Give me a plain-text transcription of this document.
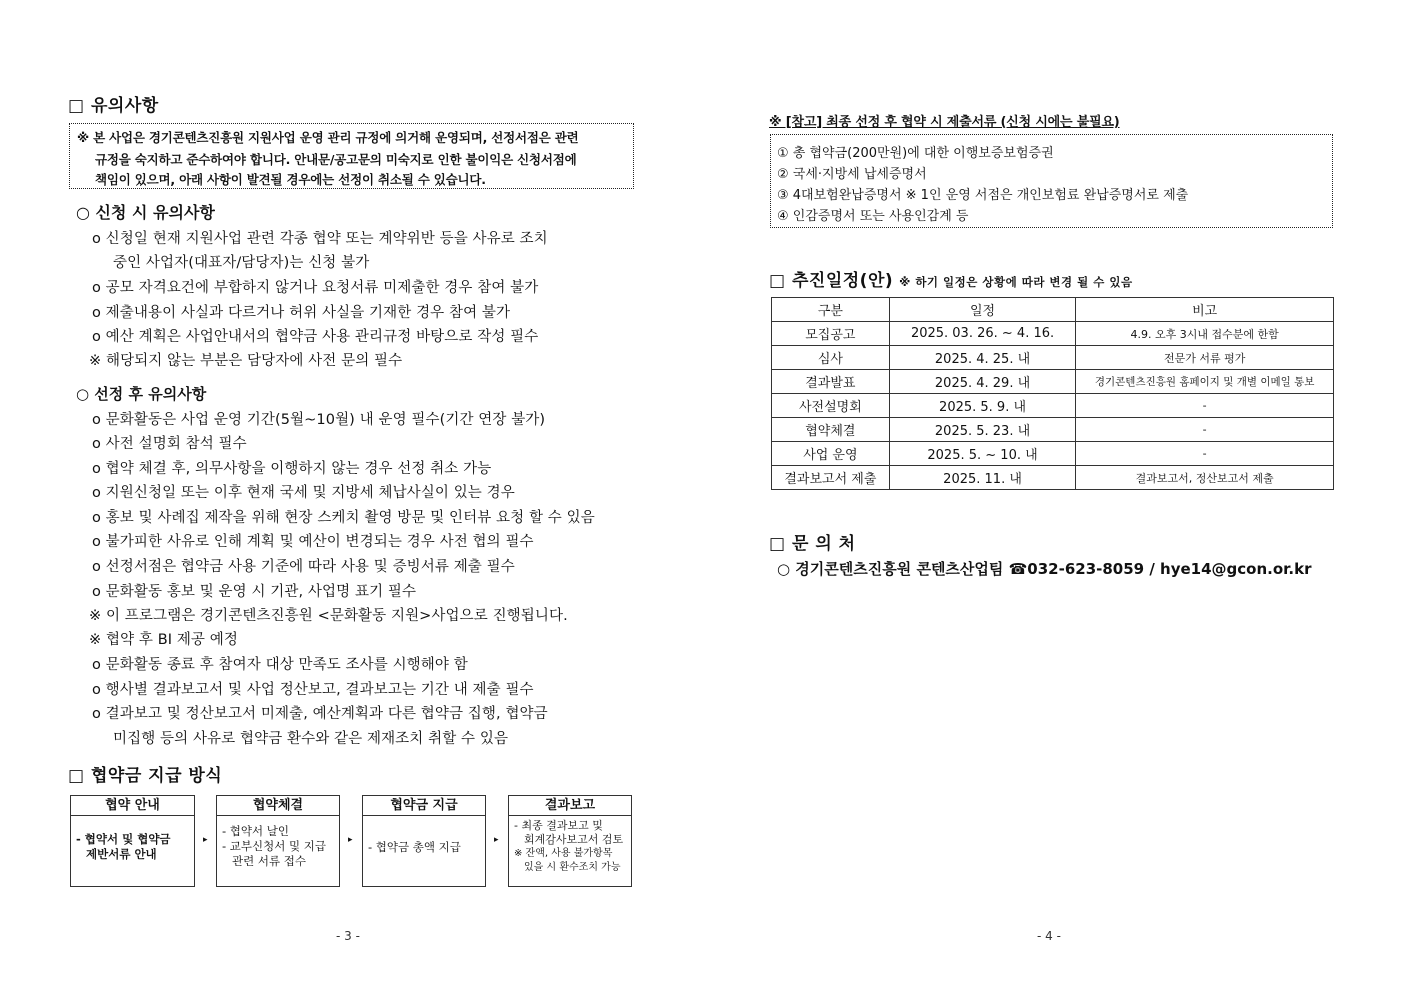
□ 유의사항
※ 본 사업은 경기콘텐츠진흥원 지원사업 운영 관리 규정에 의거해 운영되며, 선정서점은 관련
규정을 숙지하고 준수하여야 합니다. 안내문/공고문의 미숙지로 인한 불이익은 신청서점에
책임이 있으며, 아래 사항이 발견될 경우에는 선정이 취소될 수 있습니다.
○ 신청 시 유의사항
o 신청일 현재 지원사업 관련 각종 협약 또는 계약위반 등을 사유로 조치
중인 사업자(대표자/담당자)는 신청 불가
o 공모 자격요건에 부합하지 않거나 요청서류 미제출한 경우 참여 불가
o 제출내용이 사실과 다르거나 허위 사실을 기재한 경우 참여 불가
o 예산 계획은 사업안내서의 협약금 사용 관리규정 바탕으로 작성 필수
※ 해당되지 않는 부분은 담당자에 사전 문의 필수
○ 선정 후 유의사항
o 문화활동은 사업 운영 기간(5월~10월) 내 운영 필수(기간 연장 불가)
o 사전 설명회 참석 필수
o 협약 체결 후, 의무사항을 이행하지 않는 경우 선정 취소 가능
o 지원신청일 또는 이후 현재 국세 및 지방세 체납사실이 있는 경우
o 홍보 및 사례집 제작을 위해 현장 스케치 촬영 방문 및 인터뷰 요청 할 수 있음
o 불가피한 사유로 인해 계획 및 예산이 변경되는 경우 사전 협의 필수
o 선정서점은 협약금 사용 기준에 따라 사용 및 증빙서류 제출 필수
o 문화활동 홍보 및 운영 시 기관, 사업명 표기 필수
※ 이 프로그램은 경기콘텐츠진흥원 <문화활동 지원>사업으로 진행됩니다.
※ 협약 후 BI 제공 예정
o 문화활동 종료 후 참여자 대상 만족도 조사를 시행해야 함
o 행사별 결과보고서 및 사업 정산보고, 결과보고는 기간 내 제출 필수
o 결과보고 및 정산보고서 미제출, 예산계획과 다른 협약금 집행, 협약금
미집행 등의 사유로 협약금 환수와 같은 제재조치 취할 수 있음
□ 협약금 지급 방식
협약 안내
- 협약서 및 협약금
제반서류 안내
▸
협약체결
- 협약서 날인
- 교부신청서 및 지급
관련 서류 접수
▸
협약금 지급
- 협약금 총액 지급	▸
결과보고
- 최종 결과보고 및
회계감사보고서 검토
※ 잔액, 사용 불가항목
있을 시 환수조치 가능
- 3 -
※ [참고] 최종 선정 후 협약 시 제출서류 (신청 시에는 불필요)
① 총 협약금(200만원)에 대한 이행보증보험증권
② 국세·지방세 납세증명서
③ 4대보험완납증명서 ※ 1인 운영 서점은 개인보험료 완납증명서로 제출
④ 인감증명서 또는 사용인감계 등
□ 추진일정(안) ※ 하기 일정은 상황에 따라 변경 될 수 있음
구분	일정	비고
모집공고	2025. 03. 26. ~ 4. 16.	4.9. 오후 3시내 접수분에 한함
심사	2025. 4. 25. 내	전문가 서류 평가
결과발표	2025. 4. 29. 내	경기콘텐츠진흥원 홈페이지 및 개별 이메일 통보
사전설명회	2025. 5. 9. 내	-
협약체결	2025. 5. 23. 내	-
사업 운영	2025. 5. ~ 10. 내	-
결과보고서 제출	2025. 11. 내	결과보고서, 정산보고서 제출
□ 문 의 처
○ 경기콘텐츠진흥원 콘텐츠산업팀 ☎032-623-8059 / hye14@gcon.or.kr
- 4 -
